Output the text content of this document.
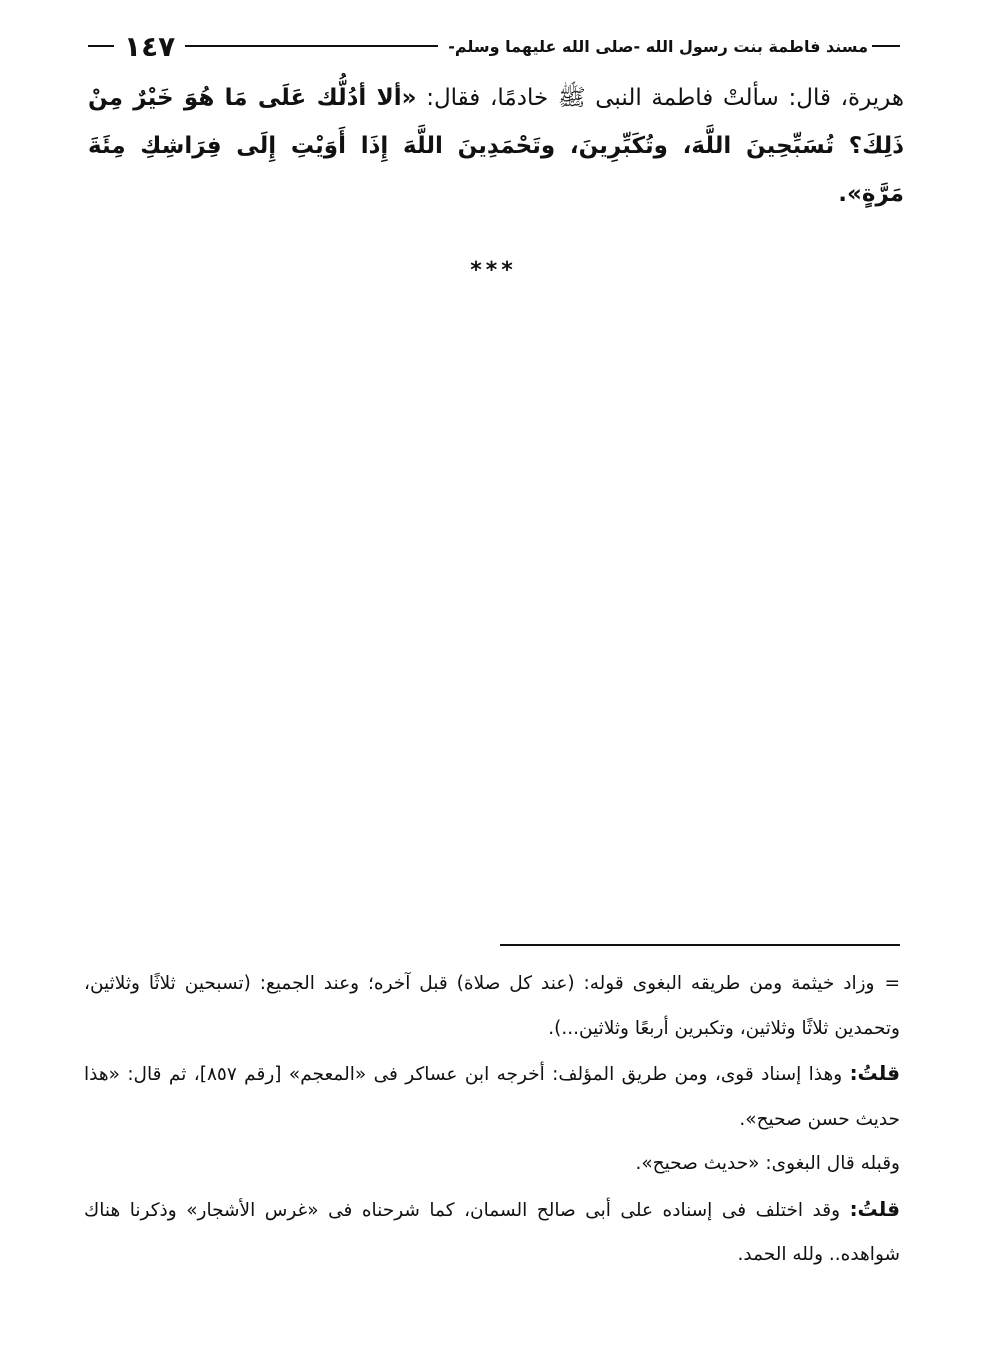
مسند فاطمة بنت رسول الله -صلى الله عليهما وسلم-
١٤٧
هريرة، قال: سألتْ فاطمة النبى ﷺ خادمًا، فقال: «ألا أدُلُّك عَلَى مَا هُوَ خَيْرٌ مِنْ ذَلِكَ؟ تُسَبِّحِينَ اللَّهَ، وتُكَبِّرِينَ، وتَحْمَدِينَ اللَّهَ إِذَا أَوَيْتِ إِلَى فِرَاشِكِ مِئَةَ مَرَّةٍ».
***

=وزاد خيثمة ومن طريقه البغوى قوله: (عند كل صلاة) قبل آخره؛ وعند الجميع: (تسبحين ثلاثًا وثلاثين، وتحمدين ثلاثًا وثلاثين، وتكبرين أربعًا وثلاثين...).

قلتُ: وهذا إسناد قوى، ومن طريق المؤلف: أخرجه ابن عساكر فى «المعجم» [رقم ٨٥٧]، ثم قال: «هذا حديث حسن صحيح».

وقبله قال البغوى: «حديث صحيح».

قلتُ: وقد اختلف فى إسناده على أبى صالح السمان، كما شرحناه فى «غرس الأشجار» وذكرنا هناك شواهده.. ولله الحمد.
